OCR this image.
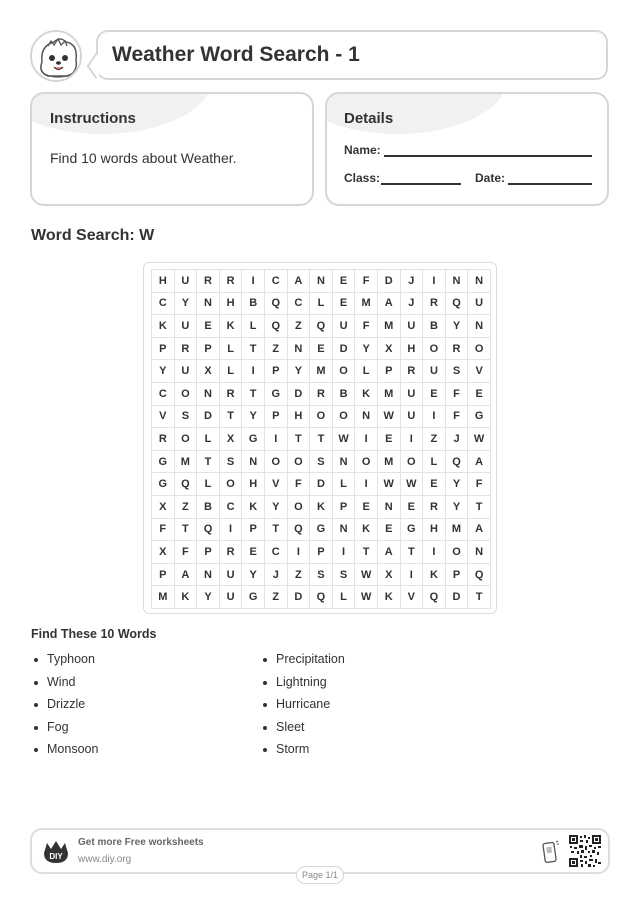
Weather Word Search - 1
Instructions
Find 10 words about Weather.
Details
Name:
Class:	Date:
Word Search: W
H	U	R	R	I	C	A	N	E	F	D	J	I	N	N
C	Y	N	H	B	Q	C	L	E	M	A	J	R	Q	U
K	U	E	K	L	Q	Z	Q	U	F	M	U	B	Y	N
P	R	P	L	T	Z	N	E	D	Y	X	H	O	R	O
Y	U	X	L	I	P	Y	M	O	L	P	R	U	S	V
C	O	N	R	T	G	D	R	B	K	M	U	E	F	E
V	S	D	T	Y	P	H	O	O	N	W	U	I	F	G
R	O	L	X	G	I	T	T	W	I	E	I	Z	J	W
G	M	T	S	N	O	O	S	N	O	M	O	L	Q	A
G	Q	L	O	H	V	F	D	L	I	W	W	E	Y	F
X	Z	B	C	K	Y	O	K	P	E	N	E	R	Y	T
F	T	Q	I	P	T	Q	G	N	K	E	G	H	M	A
X	F	P	R	E	C	I	P	I	T	A	T	I	O	N
P	A	N	U	Y	J	Z	S	S	W	X	I	K	P	Q
M	K	Y	U	G	Z	D	Q	L	W	K	V	Q	D	T
Find These 10 Words
Typhoon
Wind
Drizzle
Fog
Monsoon
Precipitation
Lightning
Hurricane
Sleet
Storm
DIY
Get more Free worksheets
www.diy.org
Page 1/1
